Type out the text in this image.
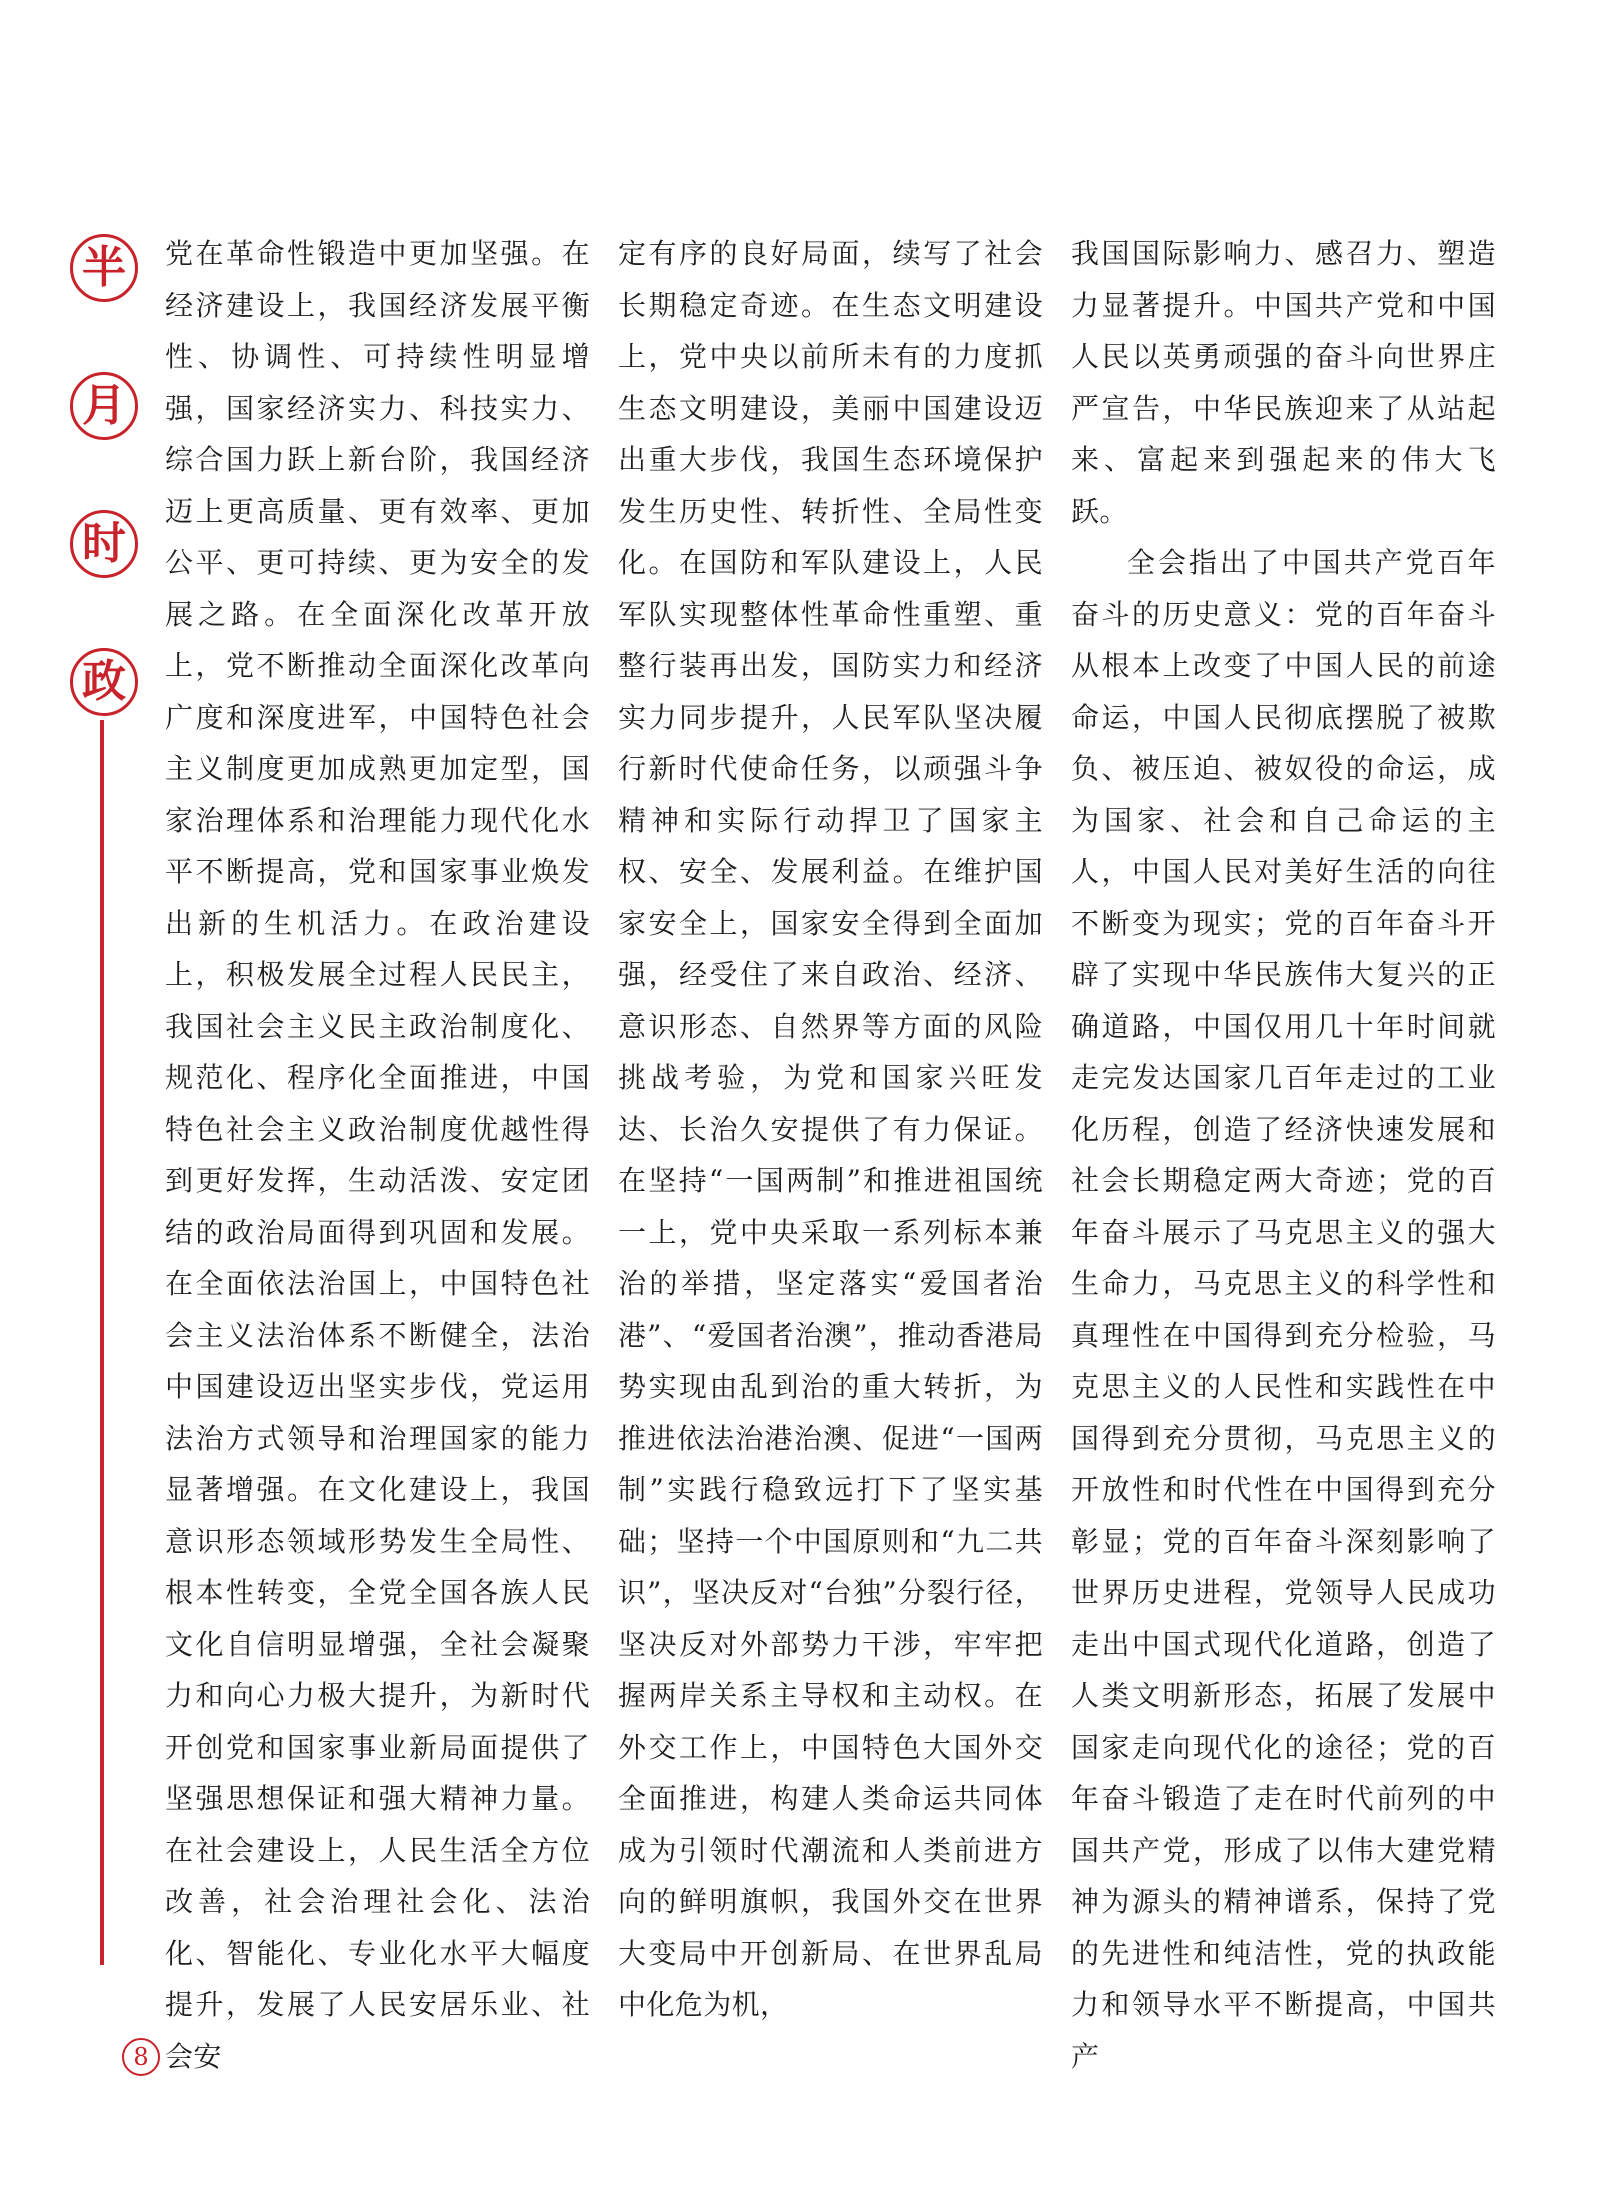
半
月
时
政

党在革命性锻造中更加坚强。在经济建设上，我国经济发展平衡性、协调性、可持续性明显增强，国家经济实力、科技实力、综合国力跃上新台阶，我国经济迈上更高质量、更有效率、更加公平、更可持续、更为安全的发展之路。在全面深化改革开放上，党不断推动全面深化改革向广度和深度进军，中国特色社会主义制度更加成熟更加定型，国家治理体系和治理能力现代化水平不断提高，党和国家事业焕发出新的生机活力。在政治建设上，积极发展全过程人民民主，我国社会主义民主政治制度化、规范化、程序化全面推进，中国特色社会主义政治制度优越性得到更好发挥，生动活泼、安定团结的政治局面得到巩固和发展。在全面依法治国上，中国特色社会主义法治体系不断健全，法治中国建设迈出坚实步伐，党运用法治方式领导和治理国家的能力显著增强。在文化建设上，我国意识形态领域形势发生全局性、根本性转变，全党全国各族人民文化自信明显增强，全社会凝聚力和向心力极大提升，为新时代开创党和国家事业新局面提供了坚强思想保证和强大精神力量。在社会建设上，人民生活全方位改善，社会治理社会化、法治化、智能化、专业化水平大幅度提升，发展了人民安居乐业、社会安

定有序的良好局面，续写了社会长期稳定奇迹。在生态文明建设上，党中央以前所未有的力度抓生态文明建设，美丽中国建设迈出重大步伐，我国生态环境保护发生历史性、转折性、全局性变化。在国防和军队建设上，人民军队实现整体性革命性重塑、重整行装再出发，国防实力和经济实力同步提升，人民军队坚决履行新时代使命任务，以顽强斗争精神和实际行动捍卫了国家主权、安全、发展利益。在维护国家安全上，国家安全得到全面加强，经受住了来自政治、经济、意识形态、自然界等方面的风险挑战考验，为党和国家兴旺发达、长治久安提供了有力保证。在坚持“一国两制”和推进祖国统一上，党中央采取一系列标本兼治的举措，坚定落实“爱国者治港”、“爱国者治澳”，推动香港局势实现由乱到治的重大转折，为推进依法治港治澳、促进“一国两制”实践行稳致远打下了坚实基础；坚持一个中国原则和“九二共识”，坚决反对“台独”分裂行径，坚决反对外部势力干涉，牢牢把握两岸关系主导权和主动权。在外交工作上，中国特色大国外交全面推进，构建人类命运共同体成为引领时代潮流和人类前进方向的鲜明旗帜，我国外交在世界大变局中开创新局、在世界乱局中化危为机，

我国国际影响力、感召力、塑造力显著提升。中国共产党和中国人民以英勇顽强的奋斗向世界庄严宣告，中华民族迎来了从站起来、富起来到强起来的伟大飞跃。

全会指出了中国共产党百年奋斗的历史意义：党的百年奋斗从根本上改变了中国人民的前途命运，中国人民彻底摆脱了被欺负、被压迫、被奴役的命运，成为国家、社会和自己命运的主人，中国人民对美好生活的向往不断变为现实；党的百年奋斗开辟了实现中华民族伟大复兴的正确道路，中国仅用几十年时间就走完发达国家几百年走过的工业化历程，创造了经济快速发展和社会长期稳定两大奇迹；党的百年奋斗展示了马克思主义的强大生命力，马克思主义的科学性和真理性在中国得到充分检验，马克思主义的人民性和实践性在中国得到充分贯彻，马克思主义的开放性和时代性在中国得到充分彰显；党的百年奋斗深刻影响了世界历史进程，党领导人民成功走出中国式现代化道路，创造了人类文明新形态，拓展了发展中国家走向现代化的途径；党的百年奋斗锻造了走在时代前列的中国共产党，形成了以伟大建党精神为源头的精神谱系，保持了党的先进性和纯洁性，党的执政能力和领导水平不断提高，中国共产

8
